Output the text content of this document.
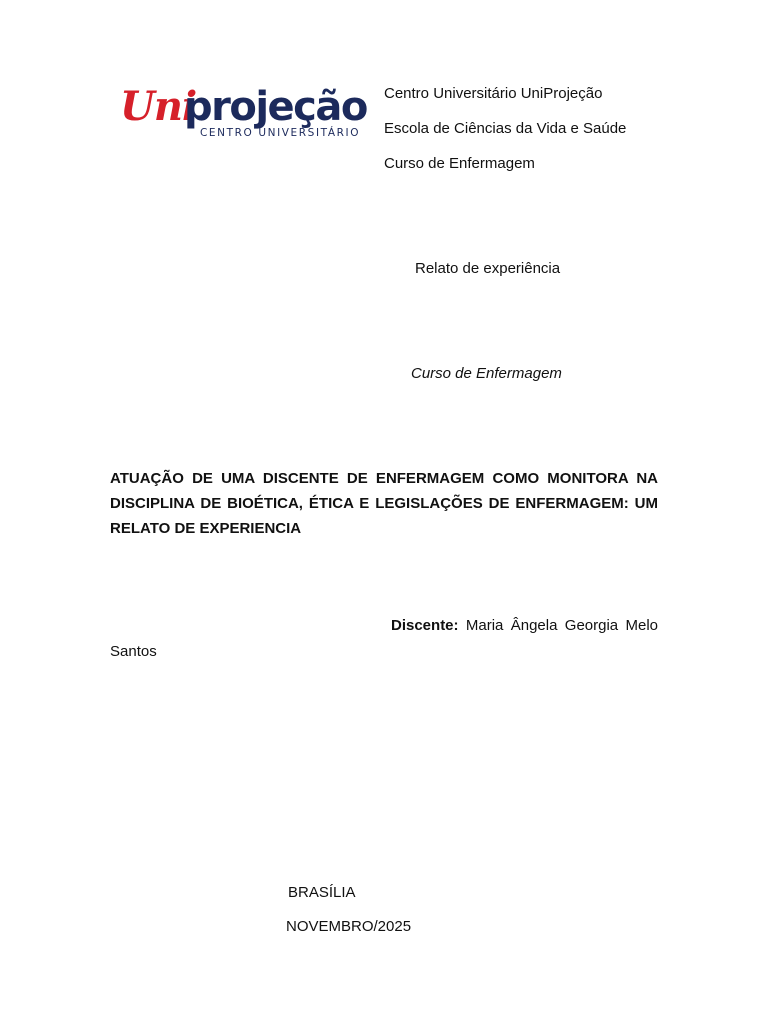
Uni
projeção
CENTRO UNIVERSITÁRIO
Centro Universitário UniProjeção
Escola de Ciências da Vida e Saúde
Curso de Enfermagem
Relato de experiência
Curso de Enfermagem
ATUAÇÃO DE UMA DISCENTE DE ENFERMAGEM COMO MONITORA NA DISCIPLINA DE BIOÉTICA, ÉTICA E LEGISLAÇÕES DE ENFERMAGEM: UM RELATO DE EXPERIENCIA
Discente: Maria Ângela Georgia Melo Santos
BRASÍLIA
NOVEMBRO/2025
